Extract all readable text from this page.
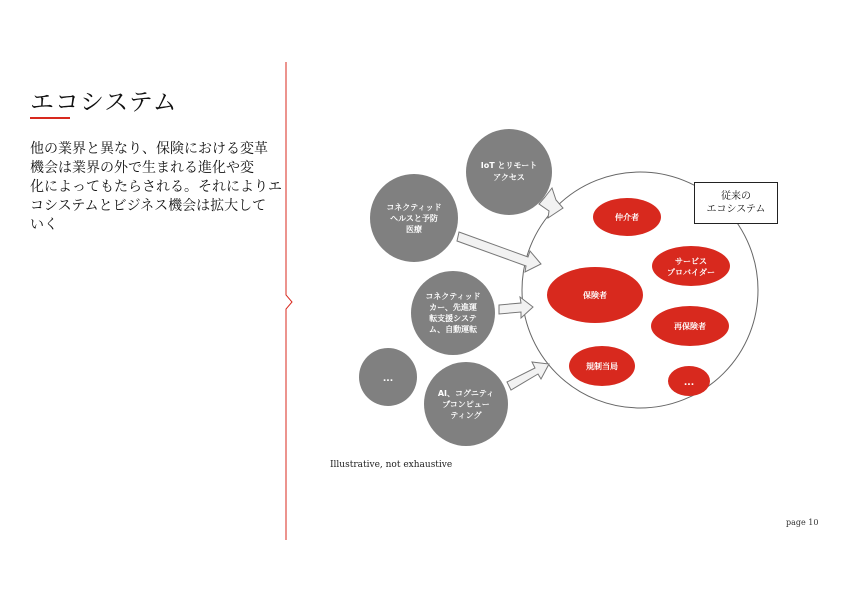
エコシステム
他の業界と異なり、保険における変革
機会は業界の外で生まれる進化や変
化によってもたらされる。それによりエ
コシステムとビジネス機会は拡大して
いく
IoT とリモート
アクセス
コネクティッド
ヘルスと予防
医療
コネクティッド
カー、先進運
転支援システ
ム、自動運転
...
AI、コグニティ
ブコンピュー
ティング
仲介者
サービス
プロバイダー
保険者
再保険者
規制当局
...
従来の
エコシステム
Illustrative, not exhaustive
page 10
